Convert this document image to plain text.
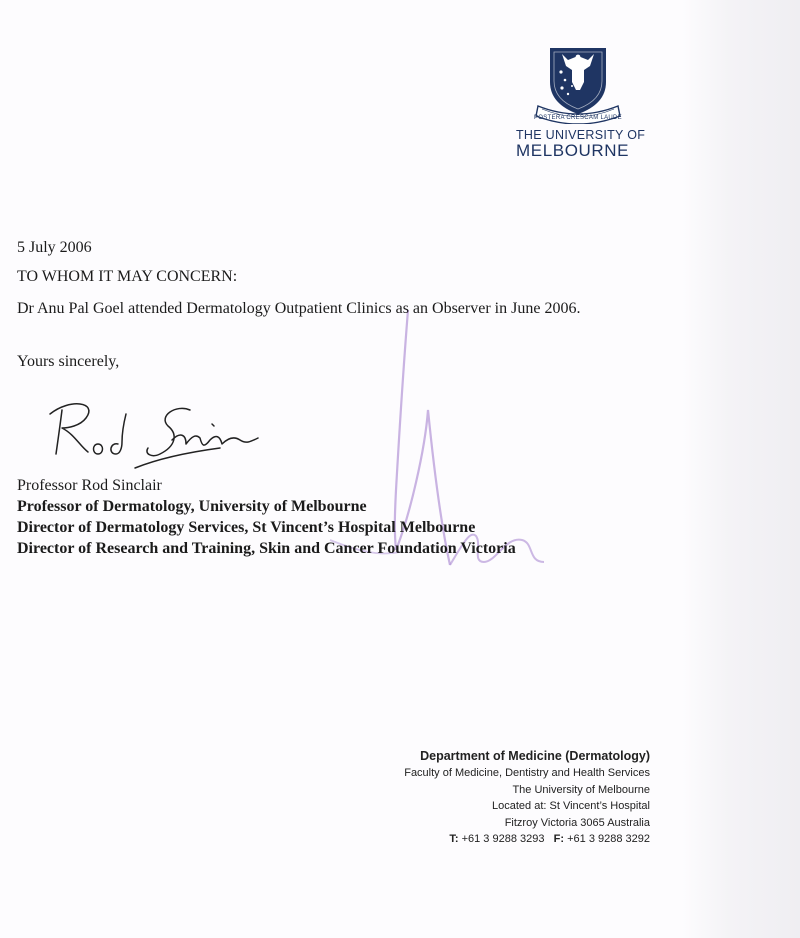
POSTERA CRESCAM LAUDE
THE UNIVERSITY OF
MELBOURNE
5 July 2006
TO WHOM IT MAY CONCERN:
Dr Anu Pal Goel attended Dermatology Outpatient Clinics as an Observer in June 2006.
Yours sincerely,
Professor Rod Sinclair
Professor of Dermatology, University of Melbourne
Director of Dermatology Services, St Vincent’s Hospital Melbourne
Director of Research and Training, Skin and Cancer Foundation Victoria
Department of Medicine (Dermatology)
Faculty of Medicine, Dentistry and Health Services
The University of Melbourne
Located at: St Vincent’s Hospital
Fitzroy Victoria 3065 Australia
T: +61 3 9288 3293 F: +61 3 9288 3292
